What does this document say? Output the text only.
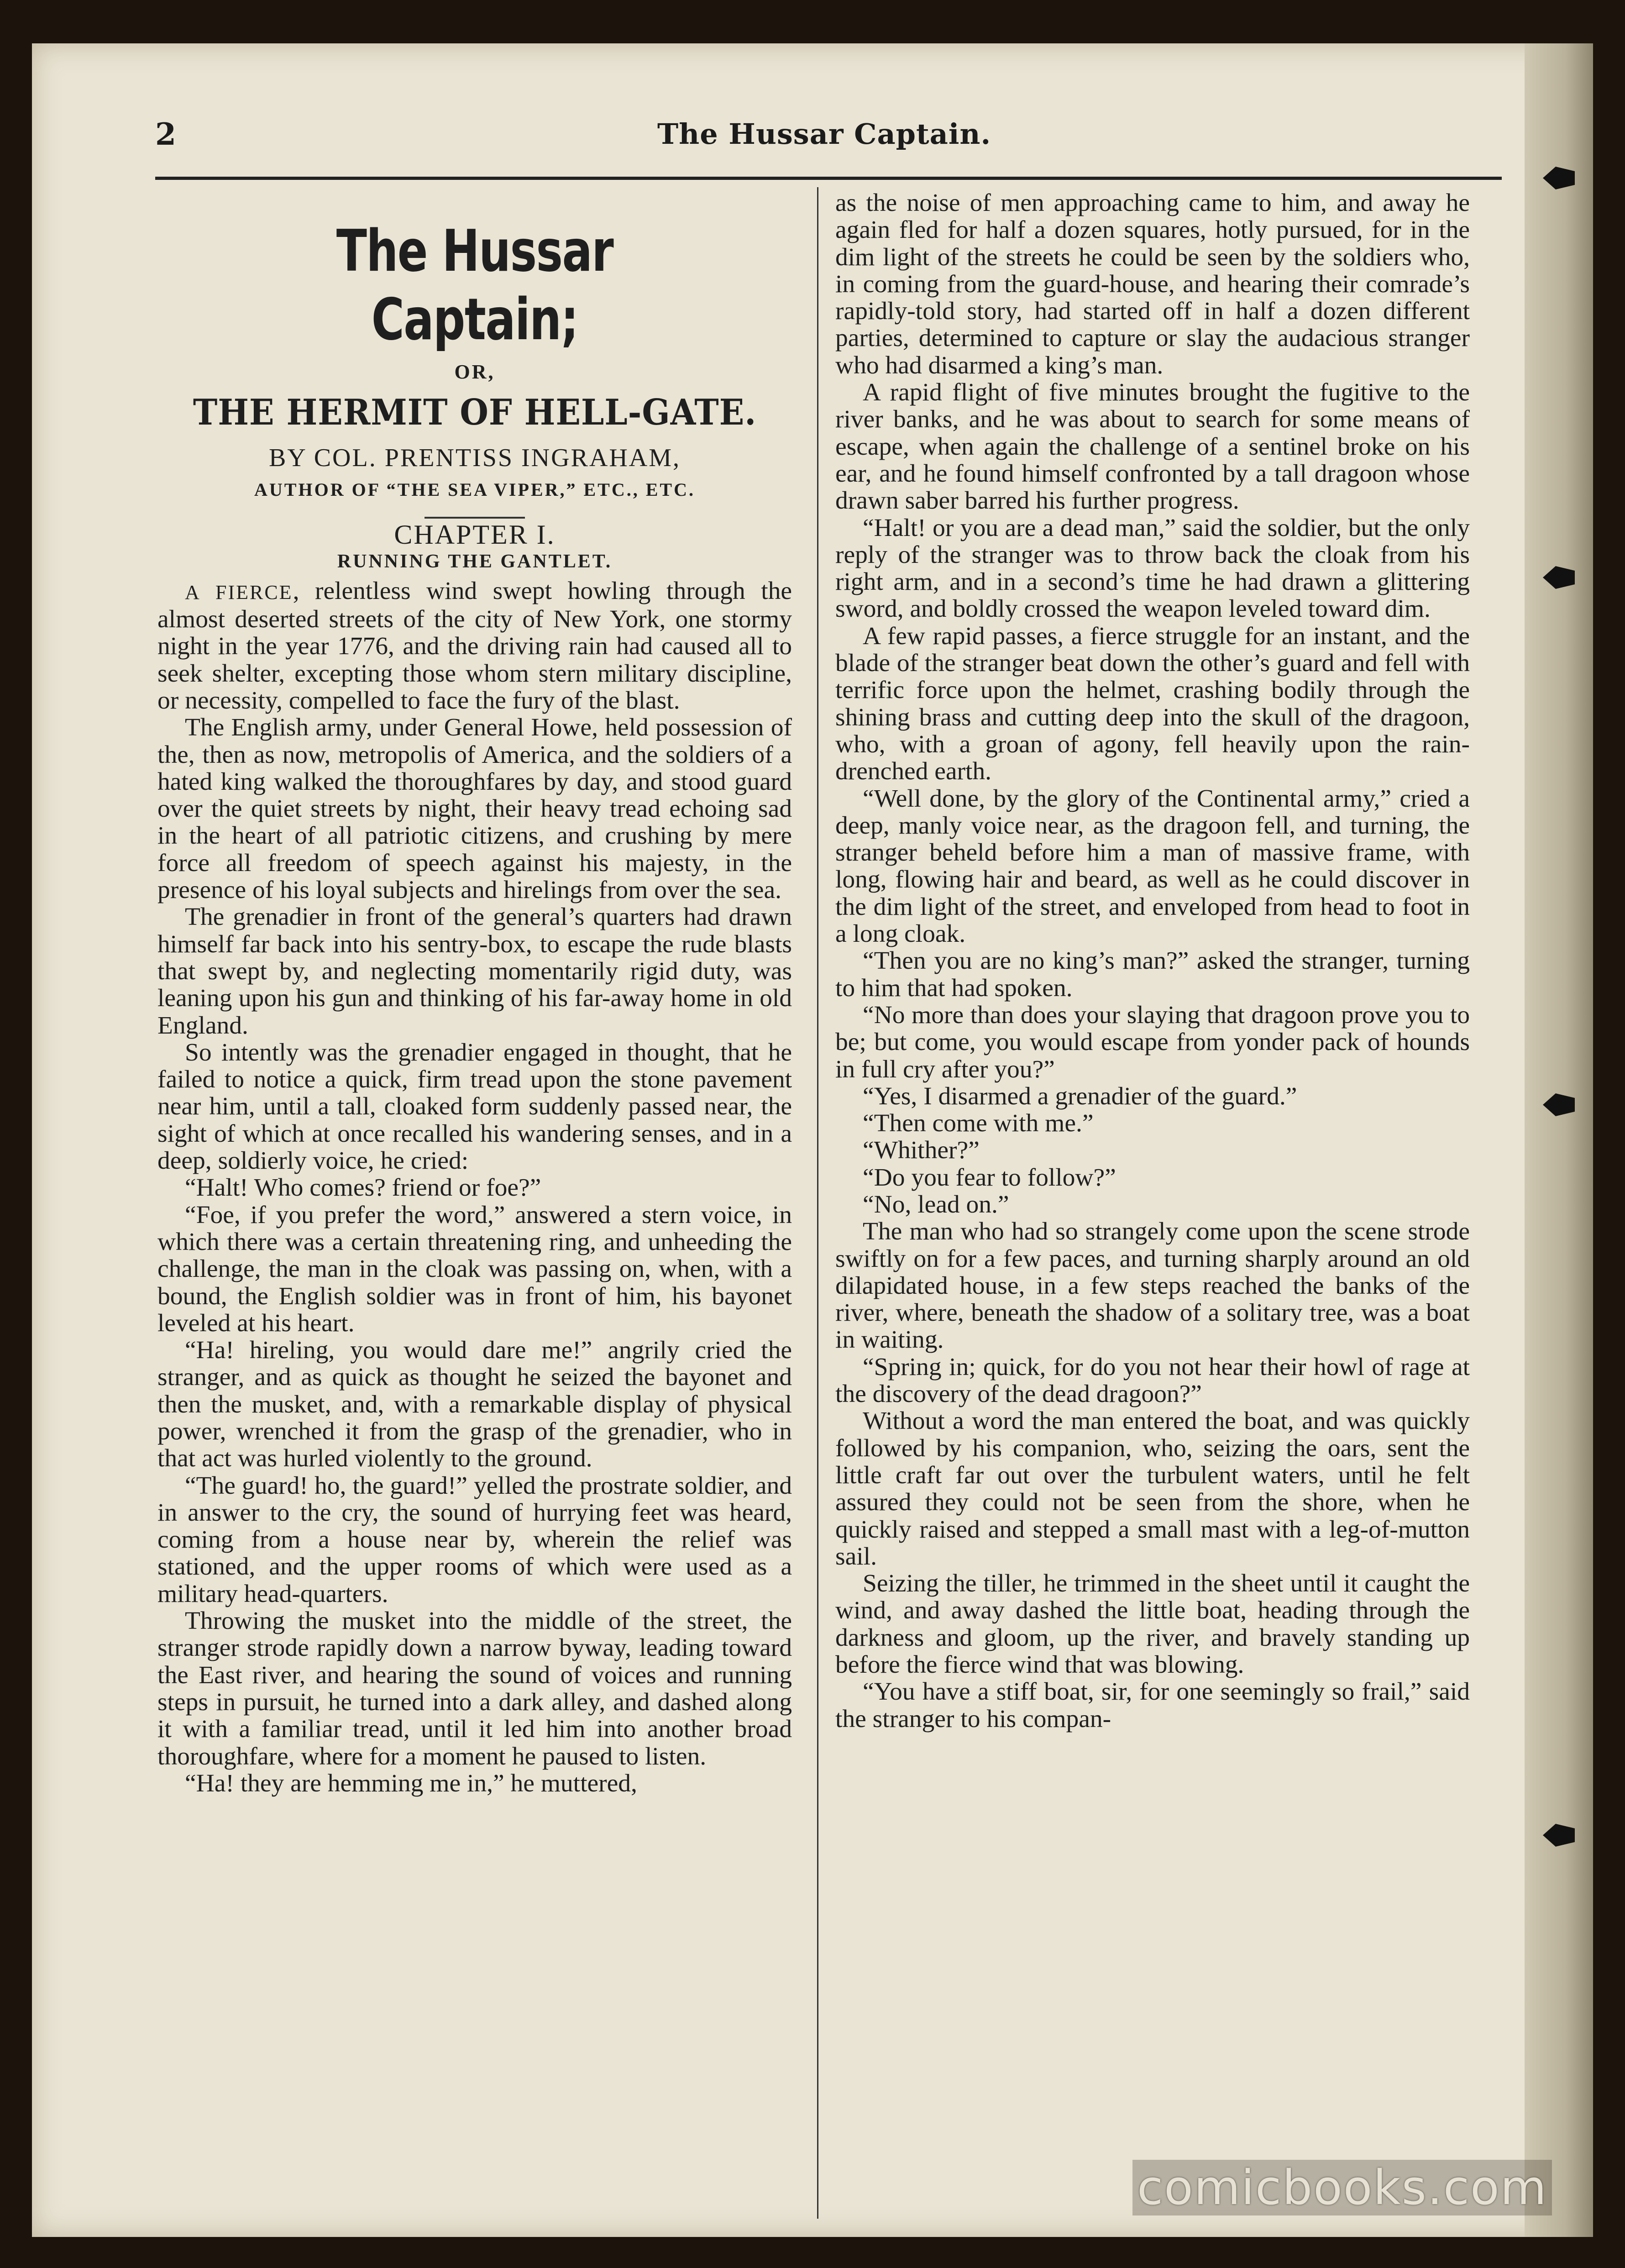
2	The Hussar Captain.
The Hussar Captain;
OR,
THE HERMIT OF HELL-GATE.
BY COL. PRENTISS INGRAHAM,
AUTHOR OF “THE SEA VIPER,” ETC., ETC.
CHAPTER I.
RUNNING THE GANTLET.

A FIERCE, relentless wind swept howling through the almost deserted streets of the city of New York, one stormy night in the year 1776, and the driving rain had caused all to seek shelter, excepting those whom stern military discipline, or necessity, compelled to face the fury of the blast.

The English army, under General Howe, held possession of the, then as now, metropolis of America, and the soldiers of a hated king walked the thoroughfares by day, and stood guard over the quiet streets by night, their heavy tread echoing sad in the heart of all patriotic citizens, and crushing by mere force all freedom of speech against his majesty, in the presence of his loyal subjects and hirelings from over the sea.

The grenadier in front of the general’s quarters had drawn himself far back into his sentry-box, to escape the rude blasts that swept by, and neglecting momentarily rigid duty, was leaning upon his gun and thinking of his far-away home in old England.

So intently was the grenadier engaged in thought, that he failed to notice a quick, firm tread upon the stone pavement near him, until a tall, cloaked form suddenly passed near, the sight of which at once recalled his wandering senses, and in a deep, soldierly voice, he cried:

“Halt! Who comes? friend or foe?”

“Foe, if you prefer the word,” answered a stern voice, in which there was a certain threatening ring, and unheeding the challenge, the man in the cloak was passing on, when, with a bound, the English soldier was in front of him, his bayonet leveled at his heart.

“Ha! hireling, you would dare me!” angrily cried the stranger, and as quick as thought he seized the bayonet and then the musket, and, with a remarkable display of physical power, wrenched it from the grasp of the grenadier, who in that act was hurled violently to the ground.

“The guard! ho, the guard!” yelled the prostrate soldier, and in answer to the cry, the sound of hurrying feet was heard, coming from a house near by, wherein the relief was stationed, and the upper rooms of which were used as a military head-quarters.

Throwing the musket into the middle of the street, the stranger strode rapidly down a narrow byway, leading toward the East river, and hearing the sound of voices and running steps in pursuit, he turned into a dark alley, and dashed along it with a familiar tread, until it led him into another broad thoroughfare, where for a moment he paused to listen.

“Ha! they are hemming me in,” he muttered,

as the noise of men approaching came to him, and away he again fled for half a dozen squares, hotly pursued, for in the dim light of the streets he could be seen by the soldiers who, in coming from the guard-house, and hearing their comrade’s rapidly-told story, had started off in half a dozen different parties, determined to capture or slay the audacious stranger who had disarmed a king’s man.

A rapid flight of five minutes brought the fugitive to the river banks, and he was about to search for some means of escape, when again the challenge of a sentinel broke on his ear, and he found himself confronted by a tall dragoon whose drawn saber barred his further progress.

“Halt! or you are a dead man,” said the soldier, but the only reply of the stranger was to throw back the cloak from his right arm, and in a second’s time he had drawn a glittering sword, and boldly crossed the weapon leveled toward dim.

A few rapid passes, a fierce struggle for an instant, and the blade of the stranger beat down the other’s guard and fell with terrific force upon the helmet, crashing bodily through the shining brass and cutting deep into the skull of the dragoon, who, with a groan of agony, fell heavily upon the rain-drenched earth.

“Well done, by the glory of the Continental army,” cried a deep, manly voice near, as the dragoon fell, and turning, the stranger beheld before him a man of massive frame, with long, flowing hair and beard, as well as he could discover in the dim light of the street, and enveloped from head to foot in a long cloak.

“Then you are no king’s man?” asked the stranger, turning to him that had spoken.

“No more than does your slaying that dragoon prove you to be; but come, you would escape from yonder pack of hounds in full cry after you?”

“Yes, I disarmed a grenadier of the guard.”

“Then come with me.”

“Whither?”

“Do you fear to follow?”

“No, lead on.”

The man who had so strangely come upon the scene strode swiftly on for a few paces, and turning sharply around an old dilapidated house, in a few steps reached the banks of the river, where, beneath the shadow of a solitary tree, was a boat in waiting.

“Spring in; quick, for do you not hear their howl of rage at the discovery of the dead dragoon?”

Without a word the man entered the boat, and was quickly followed by his companion, who, seizing the oars, sent the little craft far out over the turbulent waters, until he felt assured they could not be seen from the shore, when he quickly raised and stepped a small mast with a leg-of-mutton sail.

Seizing the tiller, he trimmed in the sheet until it caught the wind, and away dashed the little boat, heading through the darkness and gloom, up the river, and bravely standing up before the fierce wind that was blowing.

“You have a stiff boat, sir, for one seemingly so frail,” said the stranger to his compan-

comicbooks.com
